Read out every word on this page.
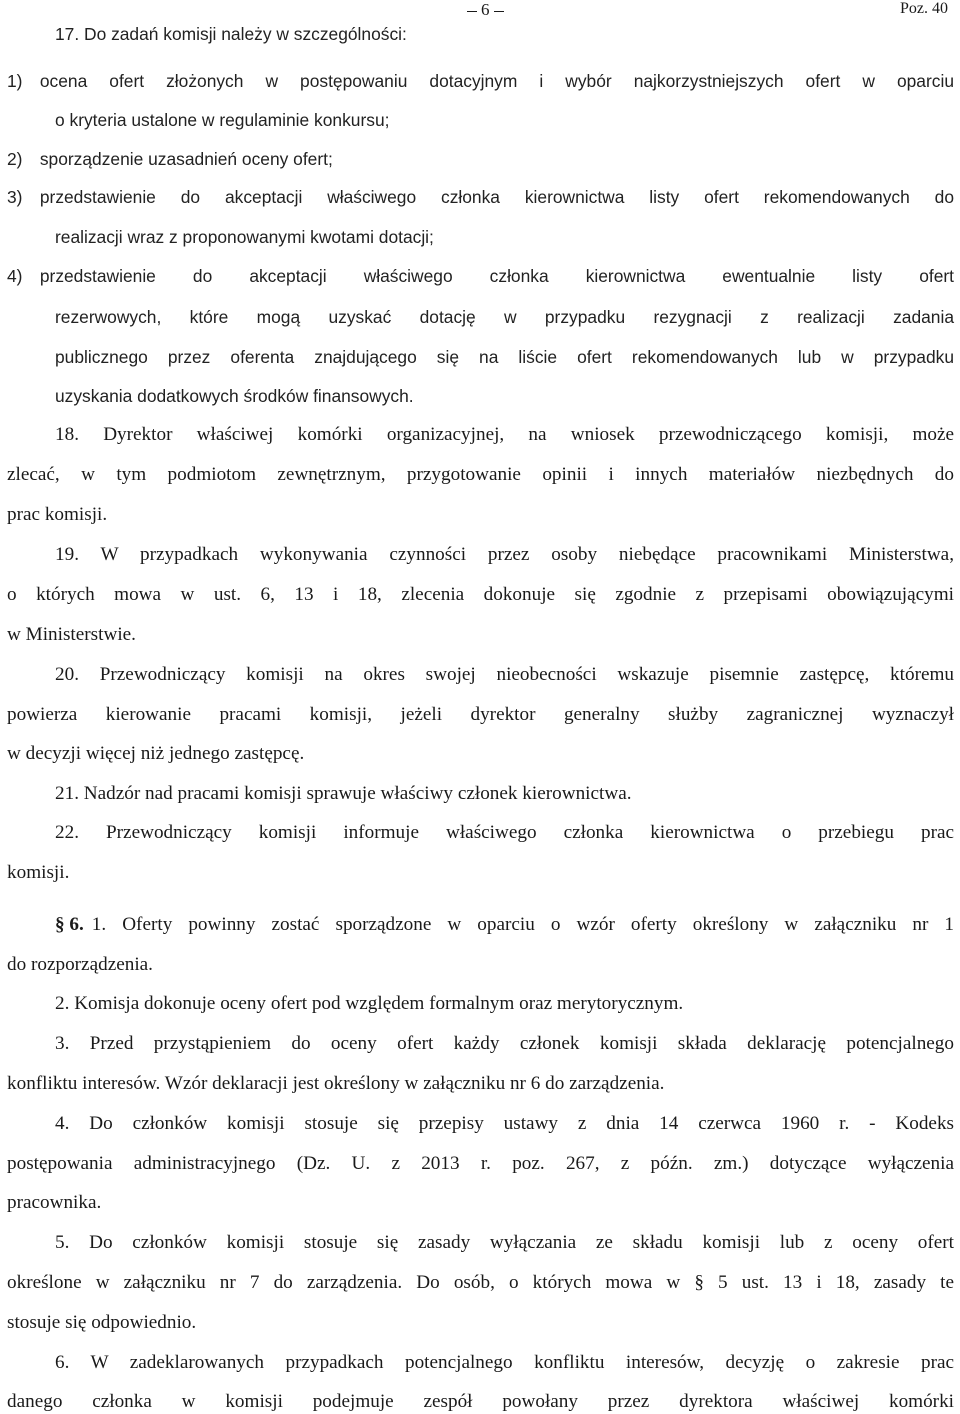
6	Poz. 40
17. Do zadań komisji należy w szczególności:
1) ocena ofert złożonych w postępowaniu dotacyjnym i wybór najkorzystniejszych ofert w oparciu
o kryteria ustalone w regulaminie konkursu;
2) sporządzenie uzasadnień oceny ofert;
3) przedstawienie do akceptacji właściwego członka kierownictwa listy ofert rekomendowanych do
realizacji wraz z proponowanymi kwotami dotacji;
4) przedstawienie do akceptacji właściwego członka kierownictwa ewentualnie listy ofert
rezerwowych, które mogą uzyskać dotację w przypadku rezygnacji z realizacji zadania
publicznego przez oferenta znajdującego się na liście ofert rekomendowanych lub w przypadku
uzyskania dodatkowych środków finansowych.
18. Dyrektor właściwej komórki organizacyjnej, na wniosek przewodniczącego komisji, może
zlecać, w tym podmiotom zewnętrznym, przygotowanie opinii i innych materiałów niezbędnych do
prac komisji.
19. W przypadkach wykonywania czynności przez osoby niebędące pracownikami Ministerstwa,
o których mowa w ust. 6, 13 i 18, zlecenia dokonuje się zgodnie z przepisami obowiązującymi
w Ministerstwie.
20. Przewodniczący komisji na okres swojej nieobecności wskazuje pisemnie zastępcę, któremu
powierza kierowanie pracami komisji, jeżeli dyrektor generalny służby zagranicznej wyznaczył
w decyzji więcej niż jednego zastępcę.
21. Nadzór nad pracami komisji sprawuje właściwy członek kierownictwa.
22. Przewodniczący komisji informuje właściwego członka kierownictwa o przebiegu prac
komisji.
§ 6. 1. Oferty powinny zostać sporządzone w oparciu o wzór oferty określony w załączniku nr 1
do rozporządzenia.
2. Komisja dokonuje oceny ofert pod względem formalnym oraz merytorycznym.
3. Przed przystąpieniem do oceny ofert każdy członek komisji składa deklarację potencjalnego
konfliktu interesów. Wzór deklaracji jest określony w załączniku nr 6 do zarządzenia.
4. Do członków komisji stosuje się przepisy ustawy z dnia 14 czerwca 1960 r. - Kodeks
postępowania administracyjnego (Dz. U. z 2013 r. poz. 267, z późn. zm.) dotyczące wyłączenia
pracownika.
5. Do członków komisji stosuje się zasady wyłączania ze składu komisji lub z oceny ofert
określone w załączniku nr 7 do zarządzenia. Do osób, o których mowa w § 5 ust. 13 i 18, zasady te
stosuje się odpowiednio.
6. W zadeklarowanych przypadkach potencjalnego konfliktu interesów, decyzję o zakresie prac
danego członka w komisji podejmuje zespół powołany przez dyrektora właściwej komórki
